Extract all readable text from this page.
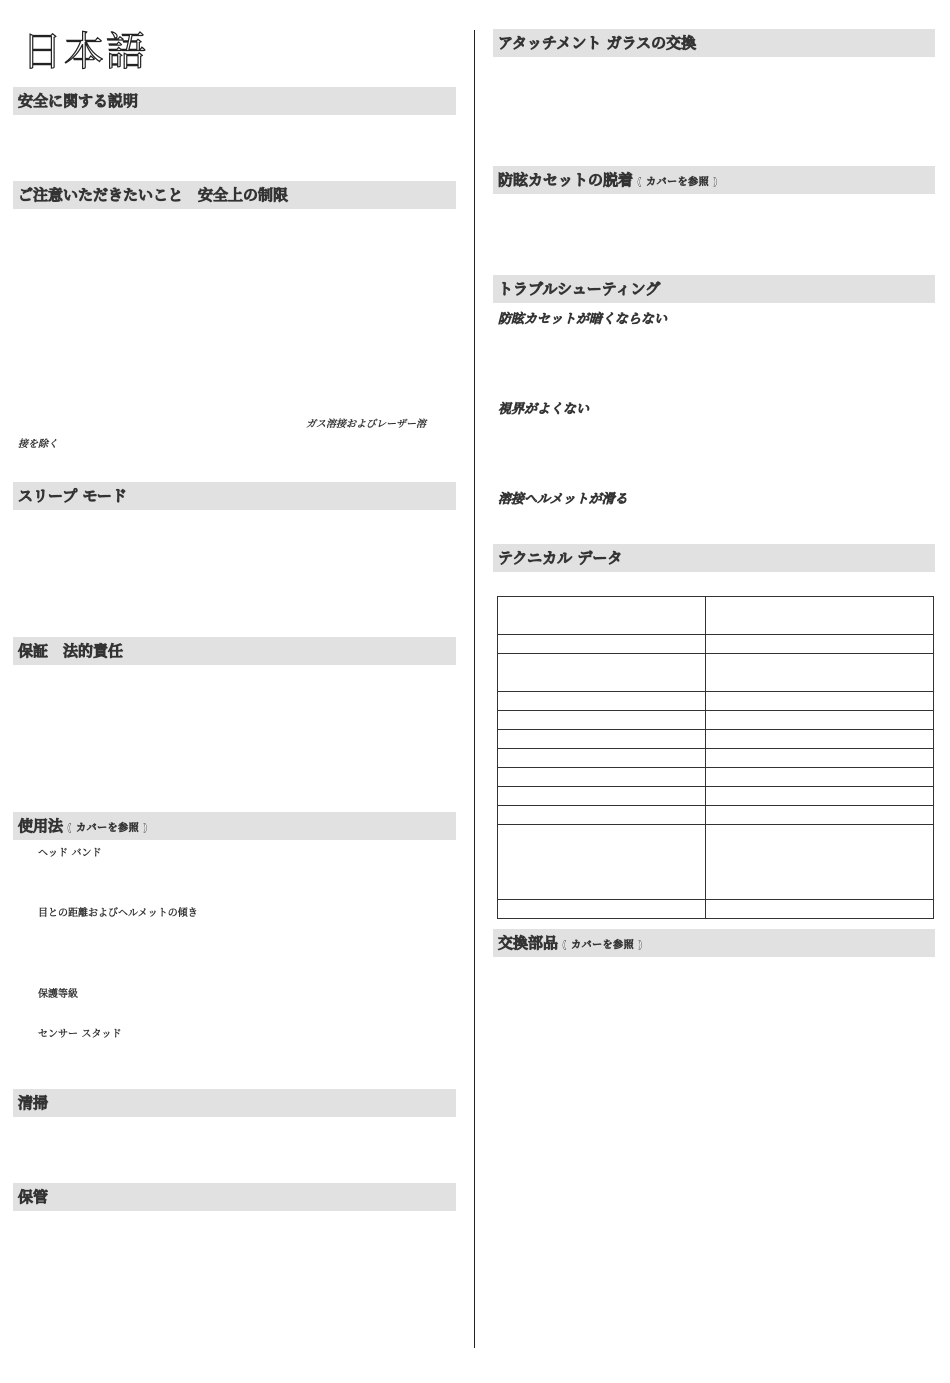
日本語
安全に関する説明
ご注意いただきたいこと　安全上の制限
ガス溶接およびレーザー溶
接を除く
スリープ モード
保証　法的責任
使用法 ( カバーを参照 )
ヘッド バンド
目との距離およびヘルメットの傾き
保護等級
センサー スタッド
清掃
保管
アタッチメント ガラスの交換
防眩カセットの脱着 ( カバーを参照 )
トラブルシューティング
防眩カセットが暗くならない
視界がよくない
溶接ヘルメットが滑る
テクニカル データ

交換部品 ( カバーを参照 )
